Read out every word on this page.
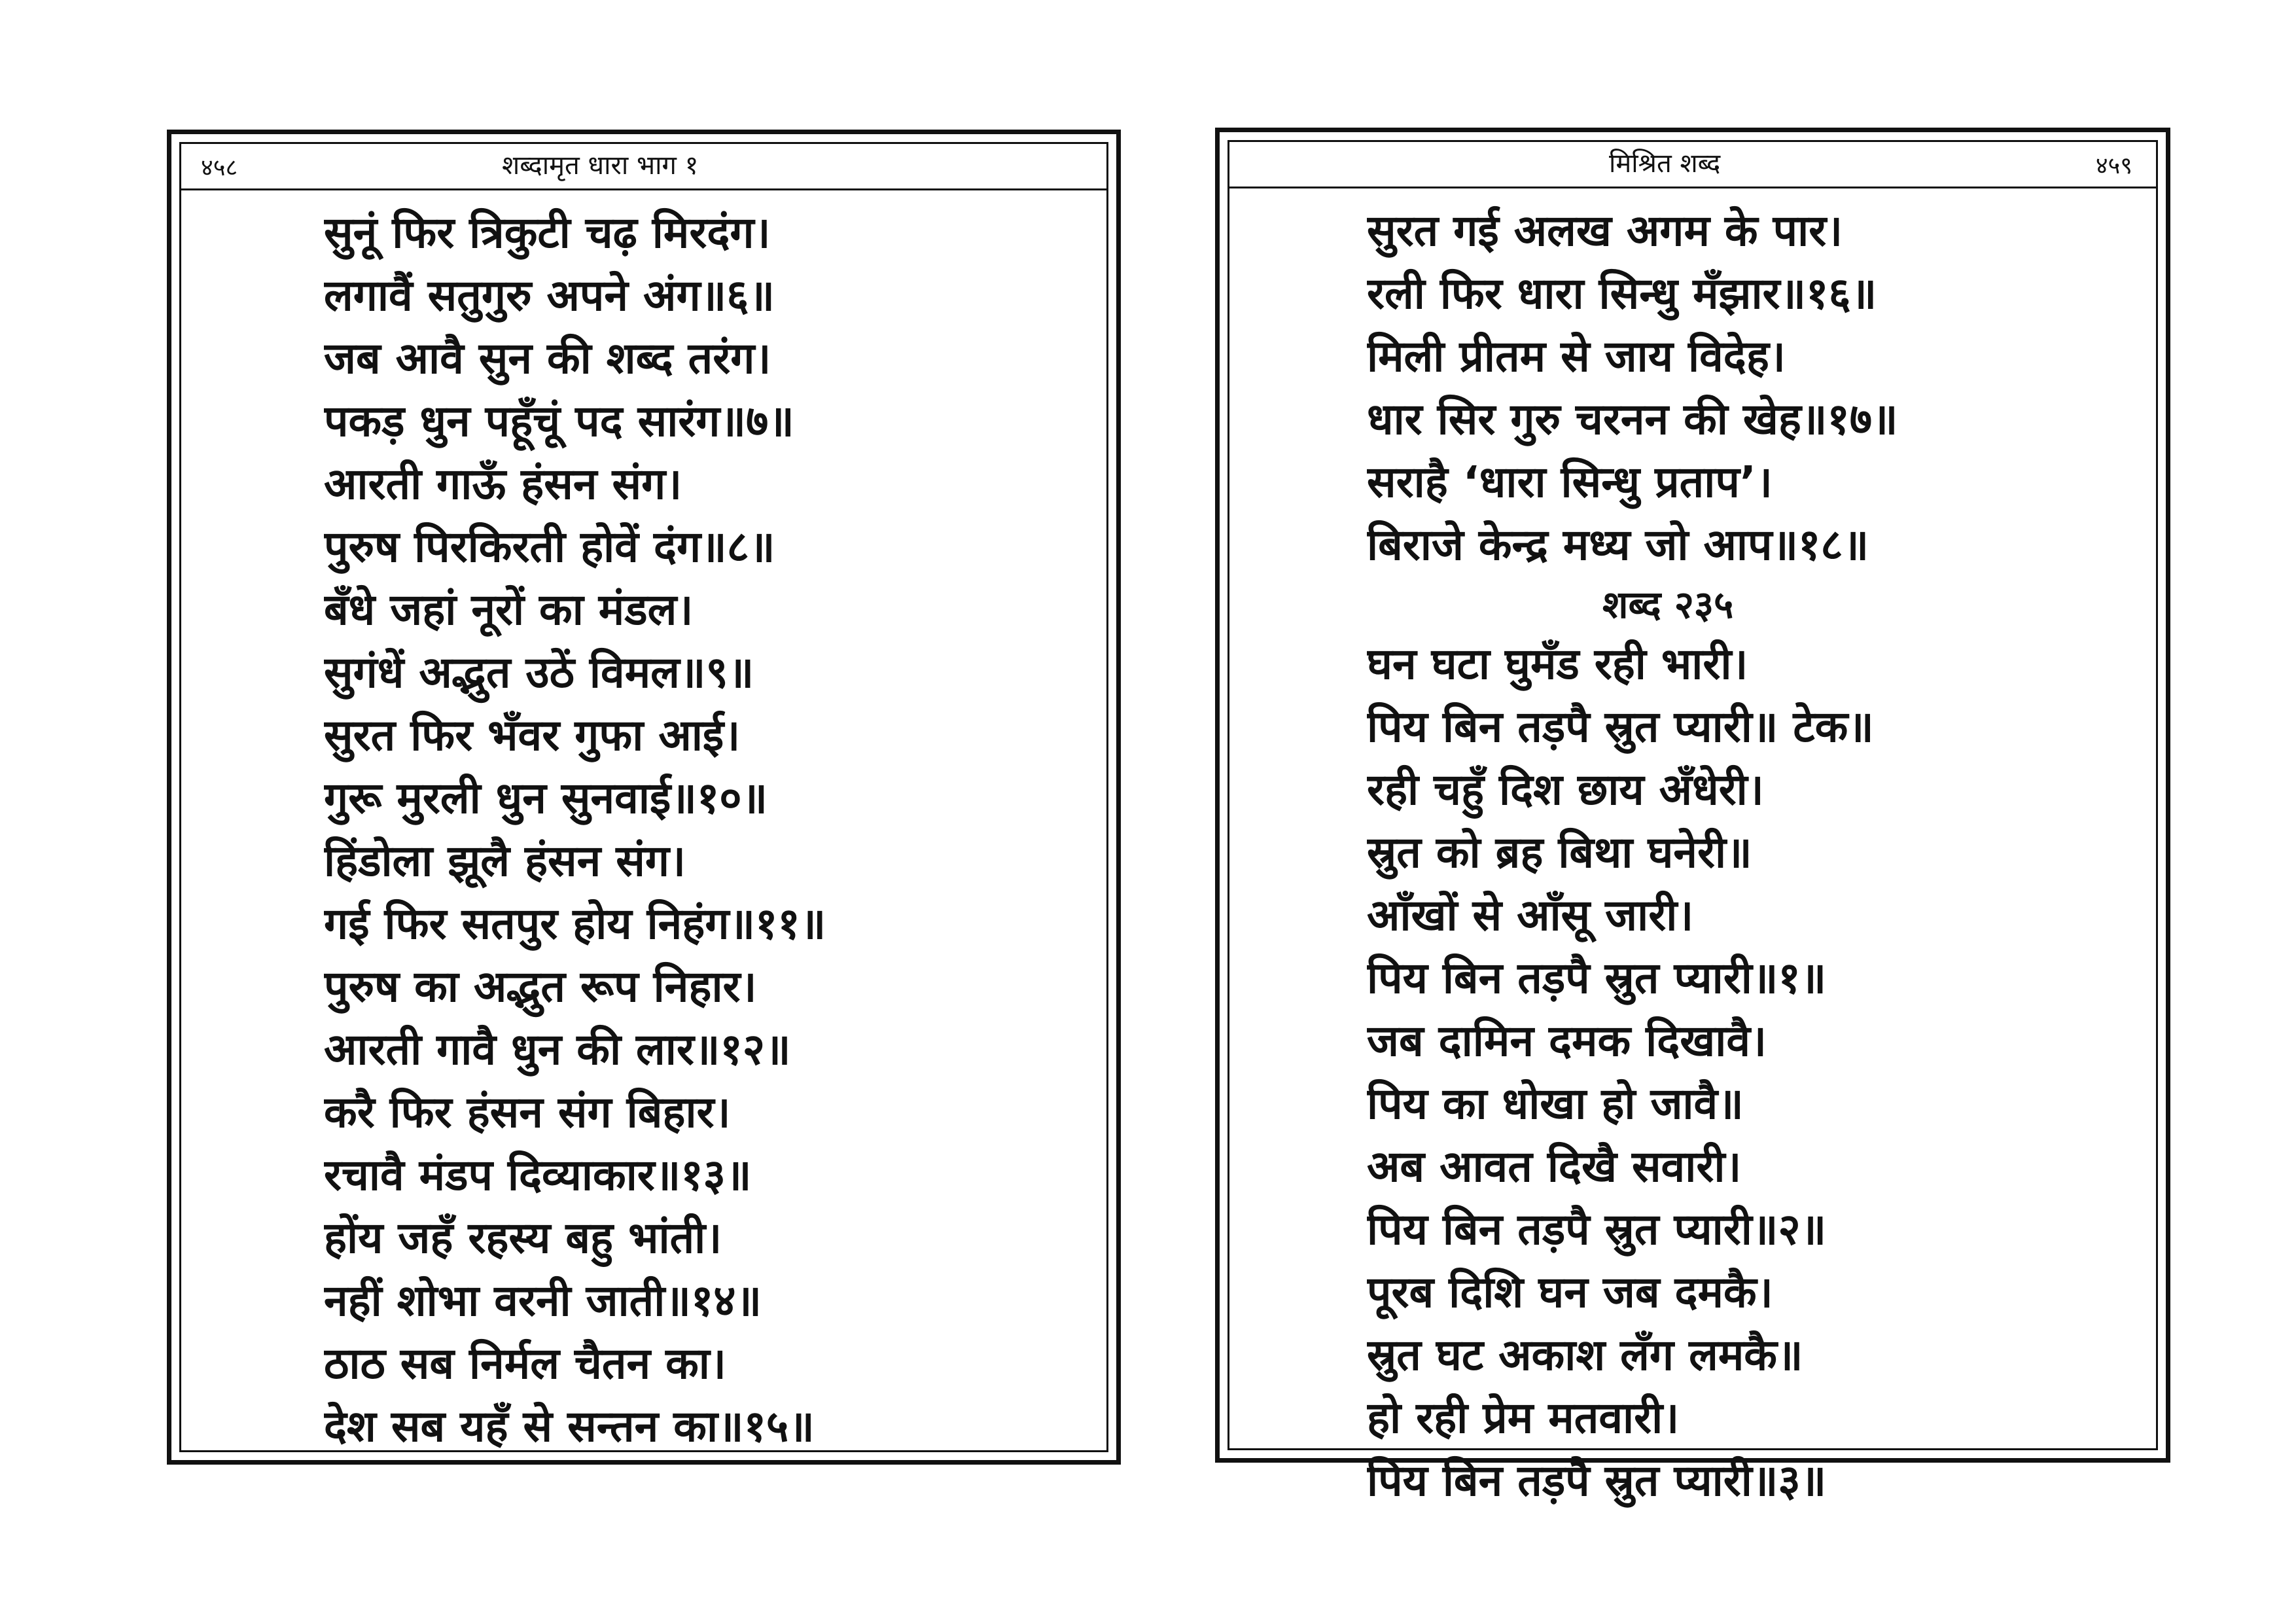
४५८	शब्दामृत धारा भाग १
सुनूं फिर त्रिकुटी चढ़ मिरदंग।
लगावैं सतुगुरु अपने अंग॥६॥
जब आवै सुन की शब्द तरंग।
पकड़ धुन पहूँचूं पद सारंग॥७॥
आरती गाऊँ हंसन संग।
पुरुष पिरकिरती होवें दंग॥८॥
बँधे जहां नूरों का मंडल।
सुगंधें अद्भुत उठें विमल॥९॥
सुरत फिर भँवर गुफा आई।
गुरू मुरली धुन सुनवाई॥१०॥
हिंडोला झूलै हंसन संग।
गई फिर सतपुर होय निहंग॥११॥
पुरुष का अद्भुत रूप निहार।
आरती गावै धुन की लार॥१२॥
करै फिर हंसन संग बिहार।
रचावै मंडप दिव्याकार॥१३॥
होंय जहँ रहस्य बहु भांती।
नहीं शोभा वरनी जाती॥१४॥
ठाठ सब निर्मल चैतन का।
देश सब यहँ से सन्तन का॥१५॥
मिश्रित शब्द	४५९
सुरत गई अलख अगम के पार।
रली फिर धारा सिन्धु मँझार॥१६॥
मिली प्रीतम से जाय विदेह।
धार सिर गुरु चरनन की खेह॥१७॥
सराहै ‘धारा सिन्धु प्रताप’।
बिराजे केन्द्र मध्य जो आप॥१८॥
शब्द २३५
घन घटा घुमँड रही भारी।
पिय बिन तड़पै स्रुत प्यारी॥ टेक॥
रही चहुँ दिश छाय अँधेरी।
स्रुत को ब्रह बिथा घनेरी॥
आँखों से आँसू जारी।
पिय बिन तड़पै स्रुत प्यारी॥१॥
जब दामिन दमक दिखावै।
पिय का धोखा हो जावै॥
अब आवत दिखै सवारी।
पिय बिन तड़पै स्रुत प्यारी॥२॥
पूरब दिशि घन जब दमकै।
स्रुत घट अकाश लँग लमकै॥
हो रही प्रेम मतवारी।
पिय बिन तड़पै स्रुत प्यारी॥३॥
